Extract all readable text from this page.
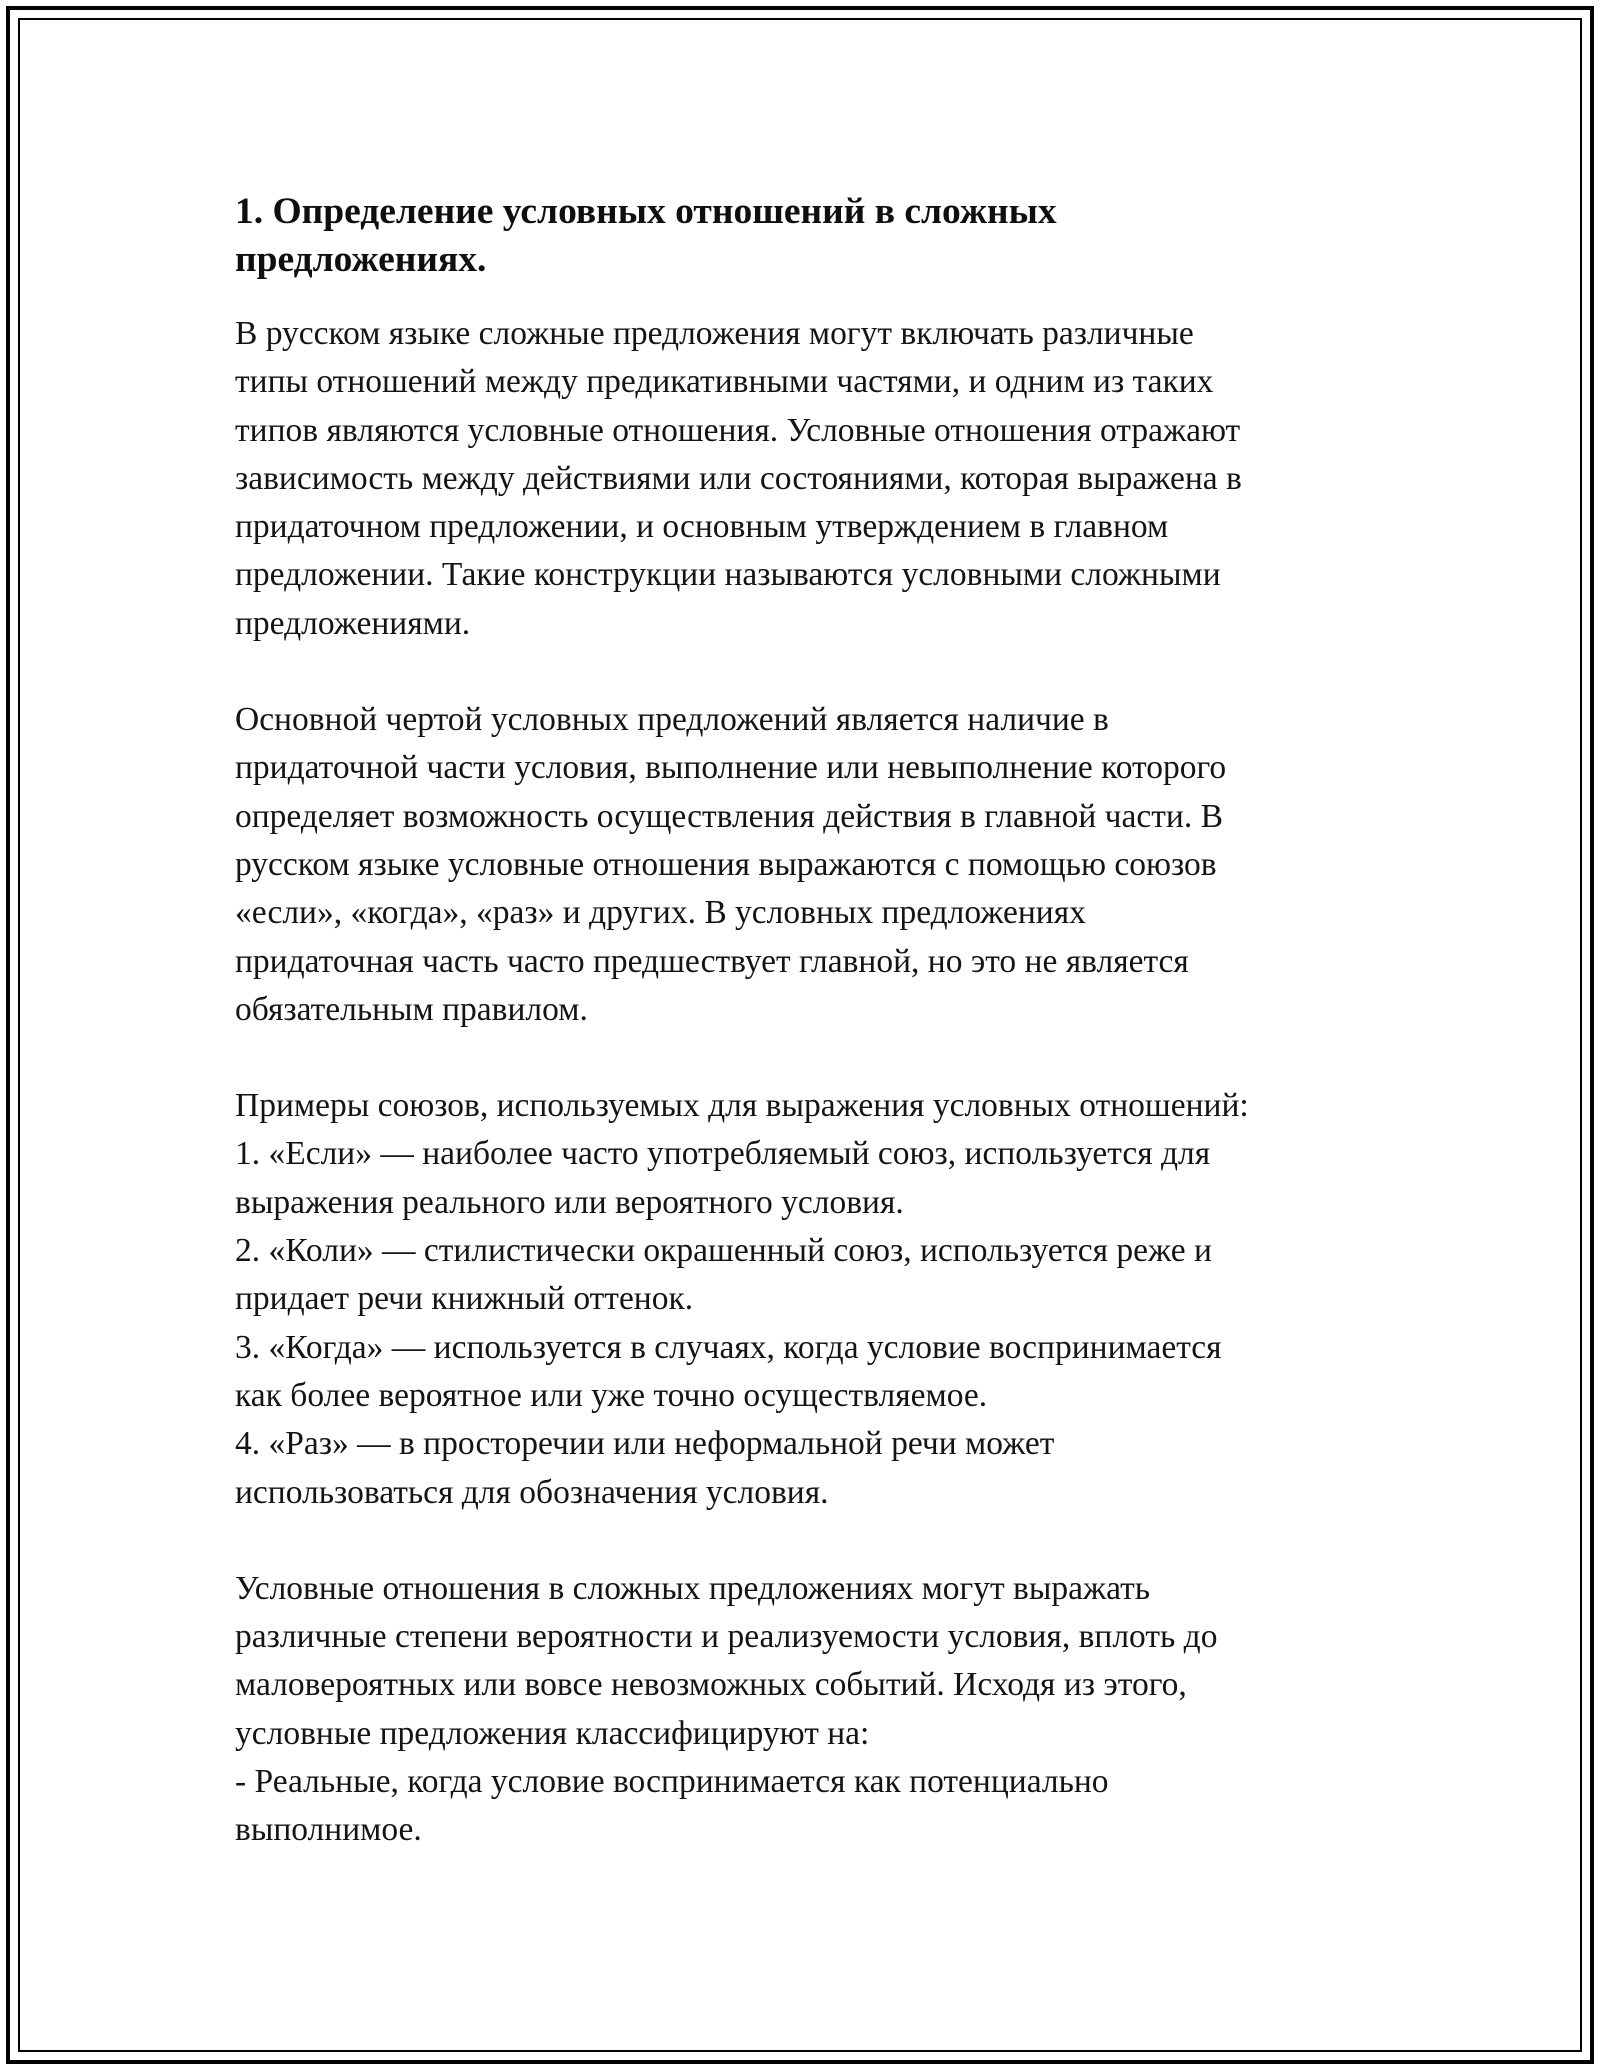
1. Определение условных отношений в сложных
предложениях.

В русском языке сложные предложения могут включать различные
типы отношений между предикативными частями, и одним из таких
типов являются условные отношения. Условные отношения отражают
зависимость между действиями или состояниями, которая выражена в
придаточном предложении, и основным утверждением в главном
предложении. Такие конструкции называются условными сложными
предложениями.

Основной чертой условных предложений является наличие в
придаточной части условия, выполнение или невыполнение которого
определяет возможность осуществления действия в главной части. В
русском языке условные отношения выражаются с помощью союзов
«если», «когда», «раз» и других. В условных предложениях
придаточная часть часто предшествует главной, но это не является
обязательным правилом.

Примеры союзов, используемых для выражения условных отношений:
1. «Если» — наиболее часто употребляемый союз, используется для
выражения реального или вероятного условия.
2. «Коли» — стилистически окрашенный союз, используется реже и
придает речи книжный оттенок.
3. «Когда» — используется в случаях, когда условие воспринимается
как более вероятное или уже точно осуществляемое.
4. «Раз» — в просторечии или неформальной речи может
использоваться для обозначения условия.

Условные отношения в сложных предложениях могут выражать
различные степени вероятности и реализуемости условия, вплоть до
маловероятных или вовсе невозможных событий. Исходя из этого,
условные предложения классифицируют на:
- Реальные, когда условие воспринимается как потенциально
выполнимое.
